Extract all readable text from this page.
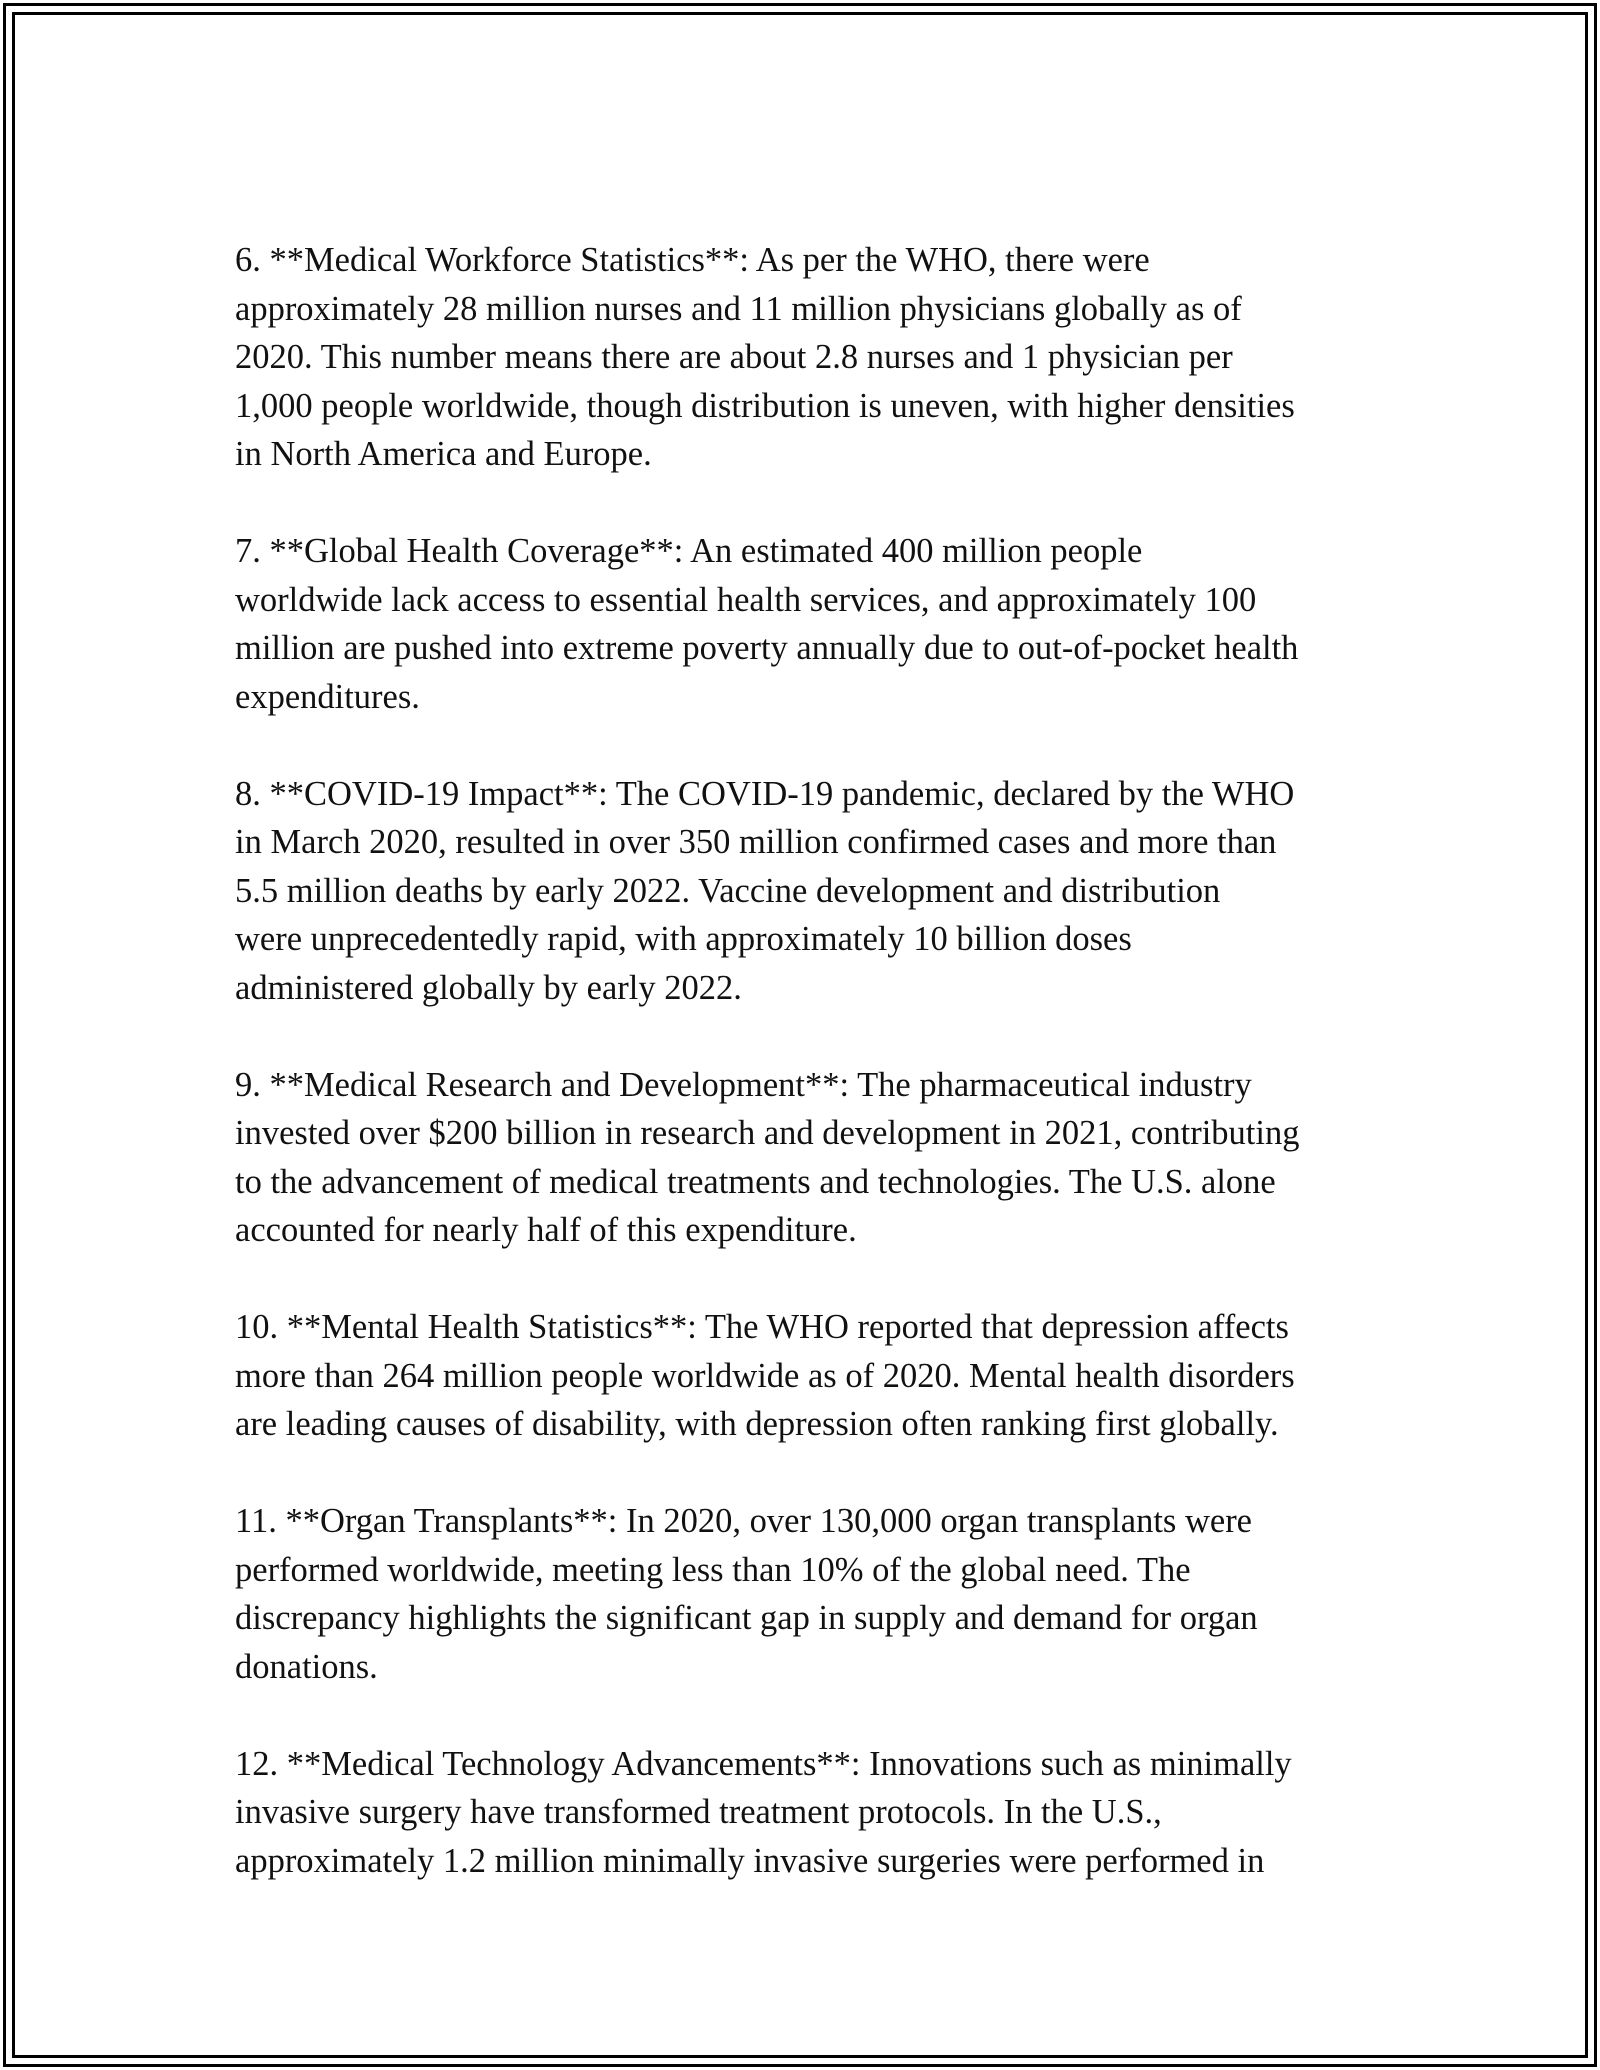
6. **Medical Workforce Statistics**: As per the WHO, there were
approximately 28 million nurses and 11 million physicians globally as of
2020. This number means there are about 2.8 nurses and 1 physician per
1,000 people worldwide, though distribution is uneven, with higher densities
in North America and Europe.

7. **Global Health Coverage**: An estimated 400 million people
worldwide lack access to essential health services, and approximately 100
million are pushed into extreme poverty annually due to out-of-pocket health
expenditures.

8. **COVID-19 Impact**: The COVID-19 pandemic, declared by the WHO
in March 2020, resulted in over 350 million confirmed cases and more than
5.5 million deaths by early 2022. Vaccine development and distribution
were unprecedentedly rapid, with approximately 10 billion doses
administered globally by early 2022.

9. **Medical Research and Development**: The pharmaceutical industry
invested over $200 billion in research and development in 2021, contributing
to the advancement of medical treatments and technologies. The U.S. alone
accounted for nearly half of this expenditure.

10. **Mental Health Statistics**: The WHO reported that depression affects
more than 264 million people worldwide as of 2020. Mental health disorders
are leading causes of disability, with depression often ranking first globally.

11. **Organ Transplants**: In 2020, over 130,000 organ transplants were
performed worldwide, meeting less than 10% of the global need. The
discrepancy highlights the significant gap in supply and demand for organ
donations.

12. **Medical Technology Advancements**: Innovations such as minimally
invasive surgery have transformed treatment protocols. In the U.S.,
approximately 1.2 million minimally invasive surgeries were performed in
